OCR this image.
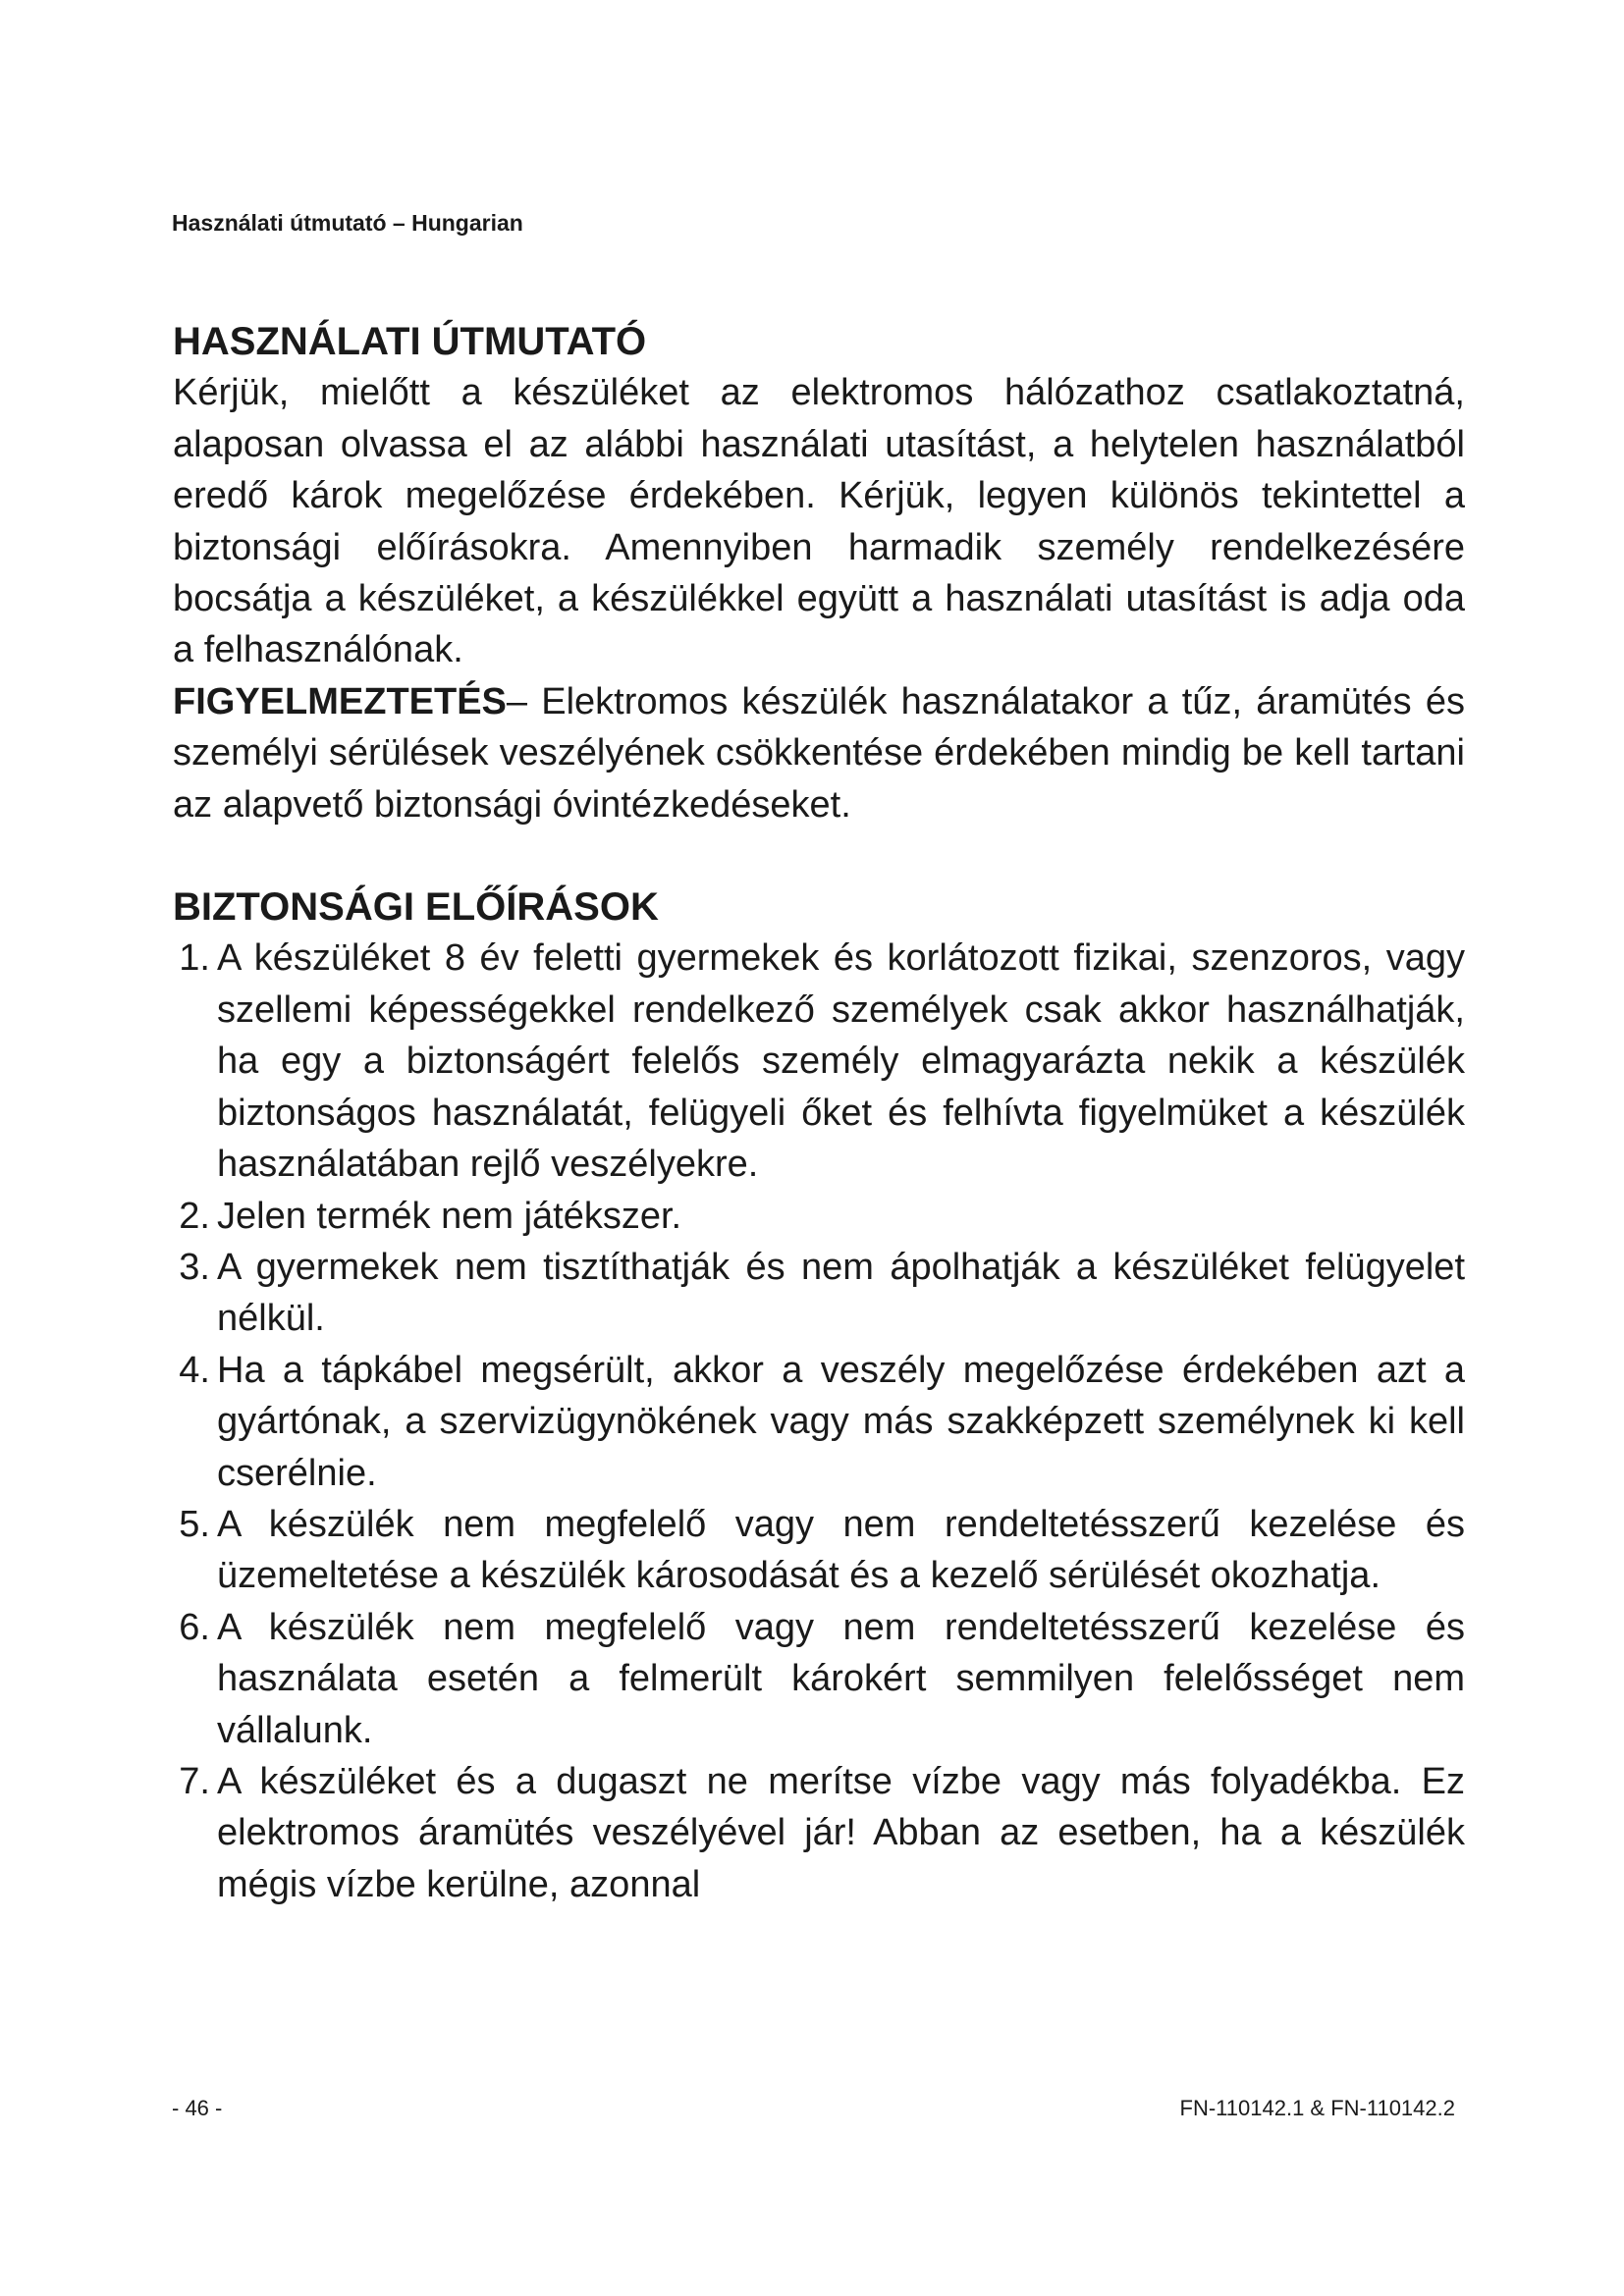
Használati útmutató – Hungarian
HASZNÁLATI ÚTMUTATÓ

Kérjük, mielőtt a készüléket az elektromos hálózathoz csatlakoztatná, alaposan olvassa el az alábbi használati utasítást, a helytelen használatból eredő károk megelőzése érdekében. Kérjük, legyen különös tekintettel a biztonsági előírásokra. Amennyiben harmadik személy rendelkezésére bocsátja a készüléket, a készülékkel együtt a használati utasítást is adja oda a felhasználónak.

FIGYELMEZTETÉS– Elektromos készülék használatakor a tűz, áramütés és személyi sérülések veszélyének csökkentése érdekében mindig be kell tartani az alapvető biztonsági óvintézkedéseket.

BIZTONSÁGI ELŐÍRÁSOK
1. A készüléket 8 év feletti gyermekek és korlátozott fizikai, szenzoros, vagy szellemi képességekkel rendelkező személyek csak akkor használhatják, ha egy a biztonságért felelős személy elmagyarázta nekik a készülék biztonságos használatát, felügyeli őket és felhívta figyelmüket a készülék használatában rejlő veszélyekre.
2. Jelen termék nem játékszer.
3. A gyermekek nem tisztíthatják és nem ápolhatják a készüléket felügyelet nélkül.
4. Ha a tápkábel megsérült, akkor a veszély megelőzése érdekében azt a gyártónak, a szervizügynökének vagy más szakképzett személynek ki kell cserélnie.
5. A készülék nem megfelelő vagy nem rendeltetésszerű kezelése és üzemeltetése a készülék károsodását és a kezelő sérülését okozhatja.
6. A készülék nem megfelelő vagy nem rendeltetésszerű kezelése és használata esetén a felmerült károkért semmilyen felelősséget nem vállalunk.
7. A készüléket és a dugaszt ne merítse vízbe vagy más folyadékba. Ez elektromos áramütés veszélyével jár! Abban az esetben, ha a készülék mégis vízbe kerülne, azonnal
- 46 -	FN-110142.1 & FN-110142.2
